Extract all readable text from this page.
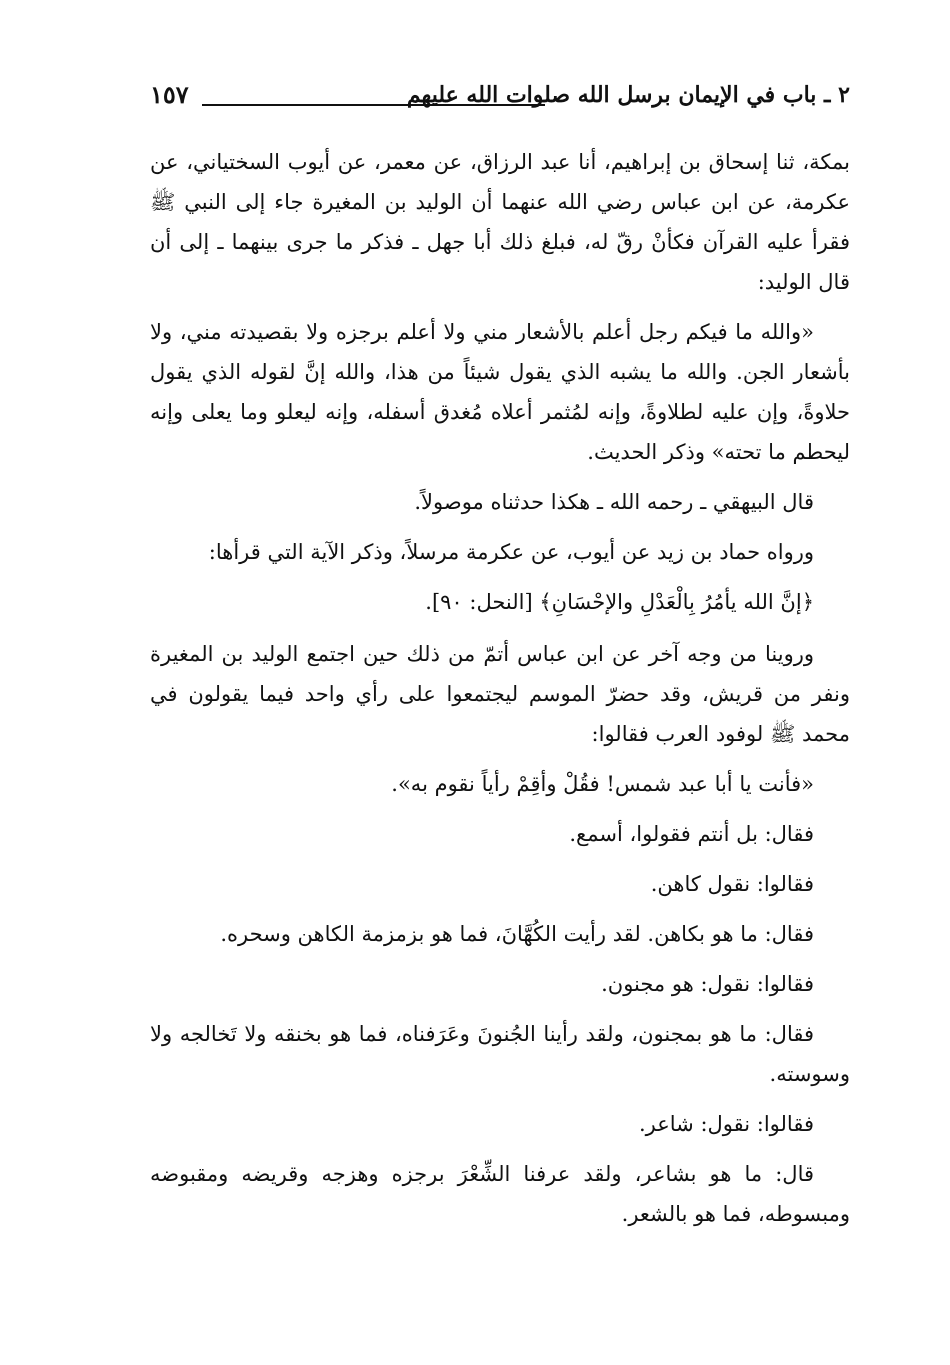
٢ ـ باب في الإيمان برسل الله صلوات الله عليهم
١٥٧

بمكة، ثنا إسحاق بن إبراهيم، أنا عبد الرزاق، عن معمر، عن أيوب السختياني، عن عكرمة، عن ابن عباس رضي الله عنهما أن الوليد بن المغيرة جاء إلى النبي ﷺ فقرأ عليه القرآن فكأنْ رقّ له، فبلغ ذلك أبا جهل ـ فذكر ما جرى بينهما ـ إلى أن قال الوليد:

«والله ما فيكم رجل أعلم بالأشعار مني ولا أعلم برجزه ولا بقصيدته مني، ولا بأشعار الجن. والله ما يشبه الذي يقول شيئاً من هذا، والله إنَّ لقوله الذي يقول حلاوةً، وإن عليه لطلاوةً، وإنه لمُثمر أعلاه مُغدق أسفله، وإنه ليعلو وما يعلى وإنه ليحطم ما تحته» وذكر الحديث.

قال البيهقي ـ رحمه الله ـ هكذا حدثناه موصولاً.

ورواه حماد بن زيد عن أيوب، عن عكرمة مرسلاً، وذكر الآية التي قرأها:

﴿إنَّ الله يأمُرُ بِالْعَدْلِ والإحْسَانِ﴾ [النحل: ٩٠].

وروينا من وجه آخر عن ابن عباس أتمّ من ذلك حين اجتمع الوليد بن المغيرة ونفر من قريش، وقد حضرّ الموسم ليجتمعوا على رأي واحد فيما يقولون في محمد ﷺ لوفود العرب فقالوا:

«فأنت يا أبا عبد شمس! فقُلْ وأقِمْ رأياً نقوم به».

فقال: بل أنتم فقولوا، أسمع.

فقالوا: نقول كاهن.

فقال: ما هو بكاهن. لقد رأيت الكُهَّانَ، فما هو بزمزمة الكاهن وسحره.

فقالوا: نقول: هو مجنون.

فقال: ما هو بمجنون، ولقد رأينا الجُنونَ وعَرَفناه، فما هو بخنقه ولا تَخالجه ولا وسوسته.

فقالوا: نقول: شاعر.

قال: ما هو بشاعر، ولقد عرفنا الشِّعْرَ برجزه وهزجه وقريضه ومقبوضه ومبسوطه، فما هو بالشعر.
